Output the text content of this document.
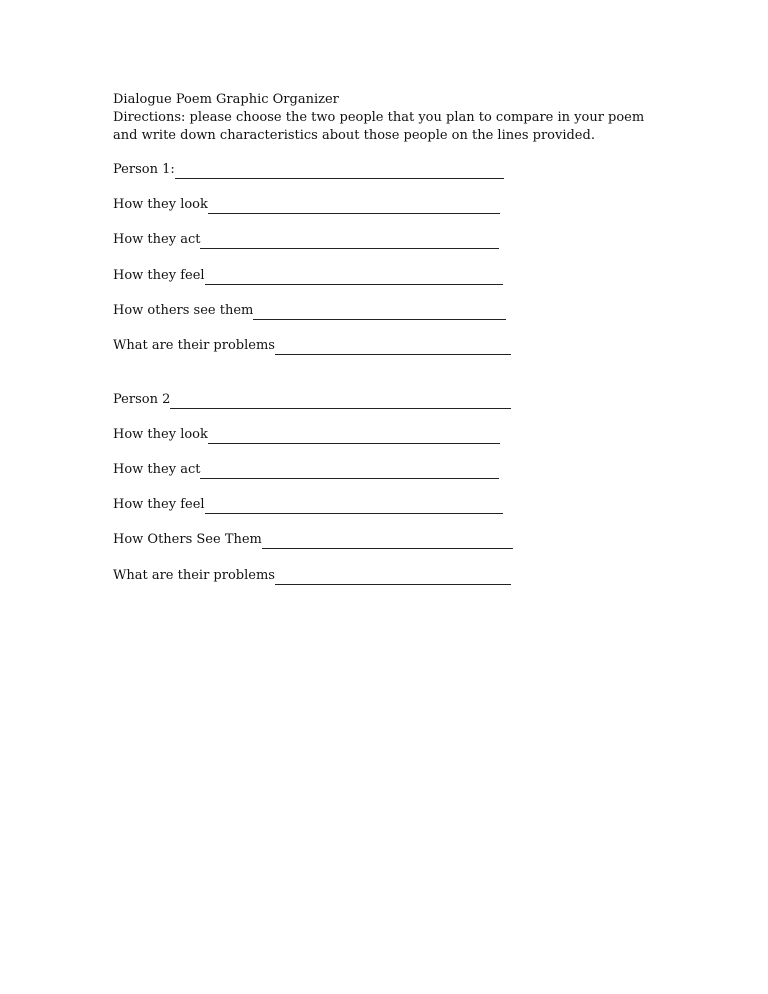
Dialogue Poem Graphic Organizer

Directions: please choose the two people that you plan to compare in your poem

and write down characteristics about those people on the lines provided.

Person 1:
How they look
How they act
How they feel
How others see them
What are their problems
Person 2
How they look
How they act
How they feel
How Others See Them
What are their problems
